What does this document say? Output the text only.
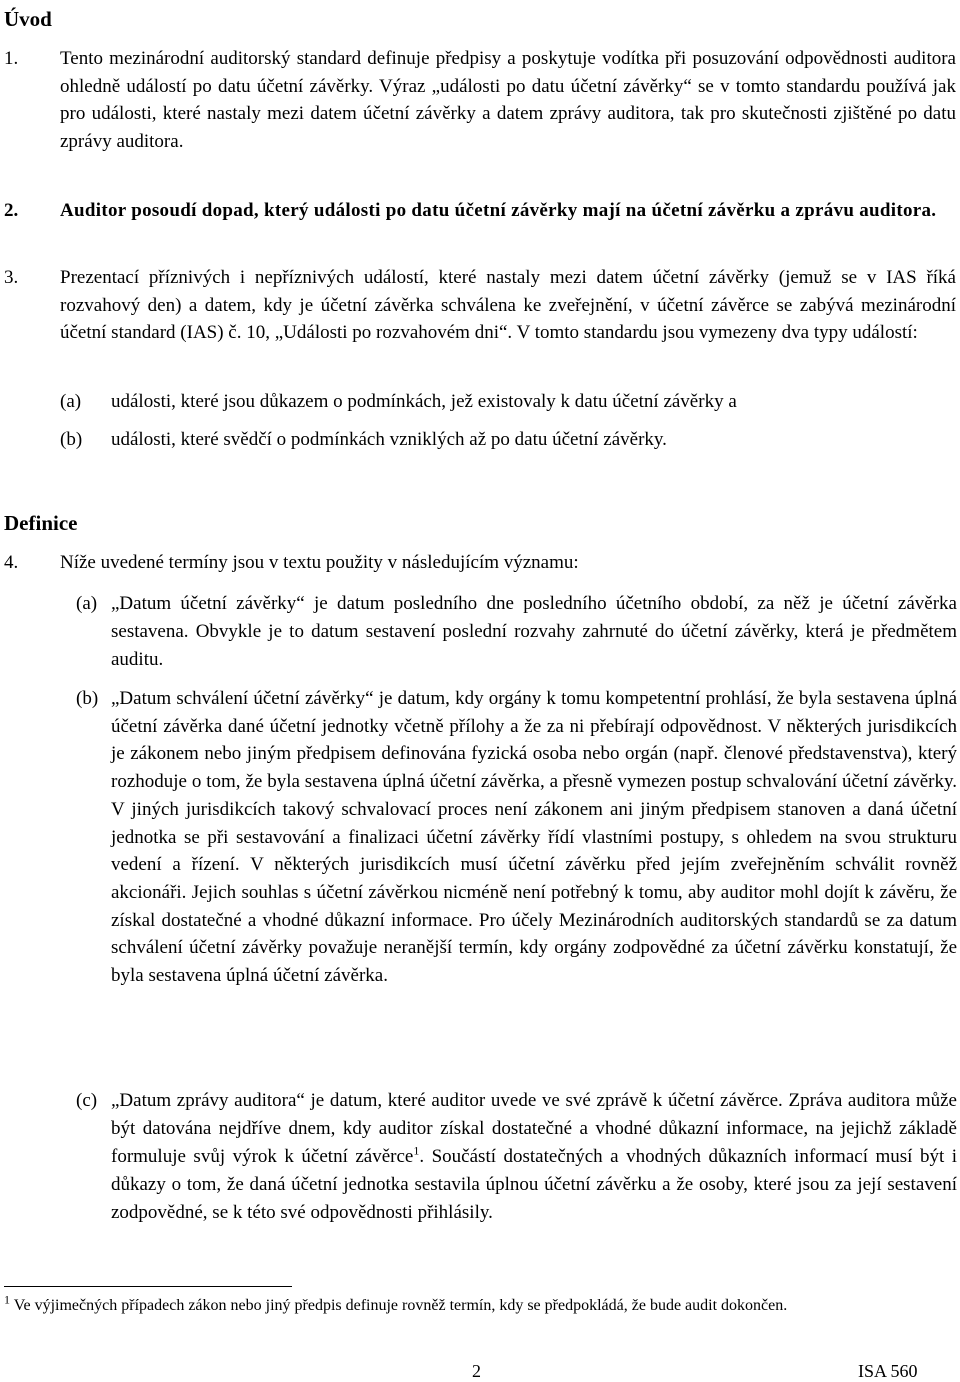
Úvod
1. Tento mezinárodní auditorský standard definuje předpisy a poskytuje vodítka při posuzování odpovědnosti auditora ohledně událostí po datu účetní závěrky. Výraz „události po datu účetní závěrky“ se v tomto standardu používá jak pro události, které nastaly mezi datem účetní závěrky a datem zprávy auditora, tak pro skutečnosti zjištěné po datu zprávy auditora.

2. Auditor posoudí dopad, který události po datu účetní závěrky mají na účetní závěrku a zprávu auditora.

3. Prezentací příznivých i nepříznivých událostí, které nastaly mezi datem účetní závěrky (jemuž se v IAS říká rozvahový den) a datem, kdy je účetní závěrka schválena ke zveřejnění, v účetní závěrce se zabývá mezinárodní účetní standard (IAS) č. 10, „Události po rozvahovém dni“. V tomto standardu jsou vymezeny dva typy událostí:

(a) události, které jsou důkazem o podmínkách, jež existovaly k datu účetní závěrky a

(b) události, které svědčí o podmínkách vzniklých až po datu účetní závěrky.

Definice
4. Níže uvedené termíny jsou v textu použity v následujícím významu:

(a) „Datum účetní závěrky“ je datum posledního dne posledního účetního období, za něž je účetní závěrka sestavena. Obvykle je to datum sestavení poslední rozvahy zahrnuté do účetní závěrky, která je předmětem auditu.

(b) „Datum schválení účetní závěrky“ je datum, kdy orgány k tomu kompetentní prohlásí, že byla sestavena úplná účetní závěrka dané účetní jednotky včetně přílohy a že za ni přebírají odpovědnost. V některých jurisdikcích je zákonem nebo jiným předpisem definována fyzická osoba nebo orgán (např. členové představenstva), který rozhoduje o tom, že byla sestavena úplná účetní závěrka, a přesně vymezen postup schvalování účetní závěrky. V jiných jurisdikcích takový schvalovací proces není zákonem ani jiným předpisem stanoven a daná účetní jednotka se při sestavování a finalizaci účetní závěrky řídí vlastními postupy, s ohledem na svou strukturu vedení a řízení. V některých jurisdikcích musí účetní závěrku před jejím zveřejněním schválit rovněž akcionáři. Jejich souhlas s účetní závěrkou nicméně není potřebný k tomu, aby auditor mohl dojít k závěru, že získal dostatečné a vhodné důkazní informace. Pro účely Mezinárodních auditorských standardů se za datum schválení účetní závěrky považuje neranější termín, kdy orgány zodpovědné za účetní závěrku konstatují, že byla sestavena úplná účetní závěrka.

(c) „Datum zprávy auditora“ je datum, které auditor uvede ve své zprávě k účetní závěrce. Zpráva auditora může být datována nejdříve dnem, kdy auditor získal dostatečné a vhodné důkazní informace, na jejichž základě formuluje svůj výrok k účetní závěrce$^1$. Součástí dostatečných a vhodných důkazních informací musí být i důkazy o tom, že daná účetní jednotka sestavila úplnou účetní závěrku a že osoby, které jsou za její sestavení zodpovědné, se k této své odpovědnosti přihlásily.

$^1$ Ve výjimečných případech zákon nebo jiný předpis definuje rovněž termín, kdy se předpokládá, že bude audit dokončen.
2	ISA 560
